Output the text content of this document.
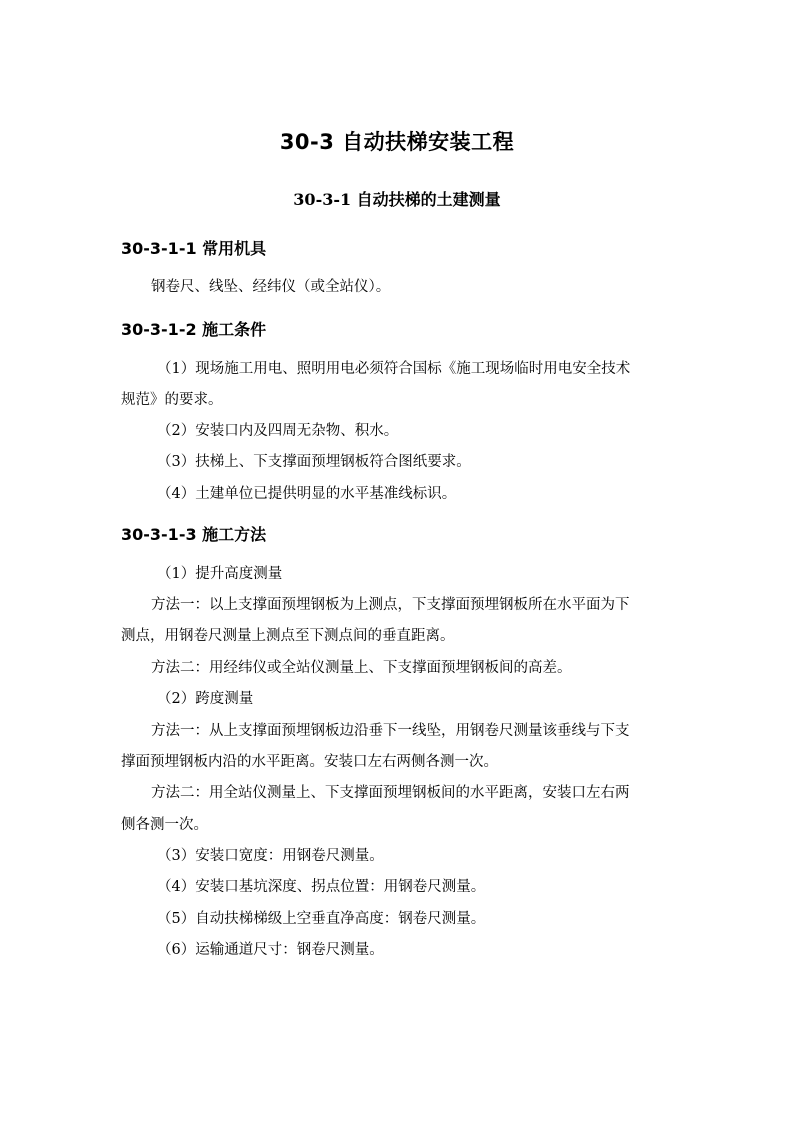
30-3 自动扶梯安装工程
30-3-1 自动扶梯的土建测量
30-3-1-1 常用机具
钢卷尺、线坠、经纬仪（或全站仪）。
30-3-1-2 施工条件
（1）现场施工用电、照明用电必须符合国标《施工现场临时用电安全技术
规范》的要求。
（2）安装口内及四周无杂物、积水。
（3）扶梯上、下支撑面预埋钢板符合图纸要求。
（4）土建单位已提供明显的水平基准线标识。
30-3-1-3 施工方法
（1）提升高度测量
方法一：以上支撑面预埋钢板为上测点，下支撑面预埋钢板所在水平面为下
测点，用钢卷尺测量上测点至下测点间的垂直距离。
方法二：用经纬仪或全站仪测量上、下支撑面预埋钢板间的高差。
（2）跨度测量
方法一：从上支撑面预埋钢板边沿垂下一线坠，用钢卷尺测量该垂线与下支
撑面预埋钢板内沿的水平距离。安装口左右两侧各测一次。
方法二：用全站仪测量上、下支撑面预埋钢板间的水平距离，安装口左右两
侧各测一次。
（3）安装口宽度：用钢卷尺测量。
（4）安装口基坑深度、拐点位置：用钢卷尺测量。
（5）自动扶梯梯级上空垂直净高度：钢卷尺测量。
（6）运输通道尺寸：钢卷尺测量。
